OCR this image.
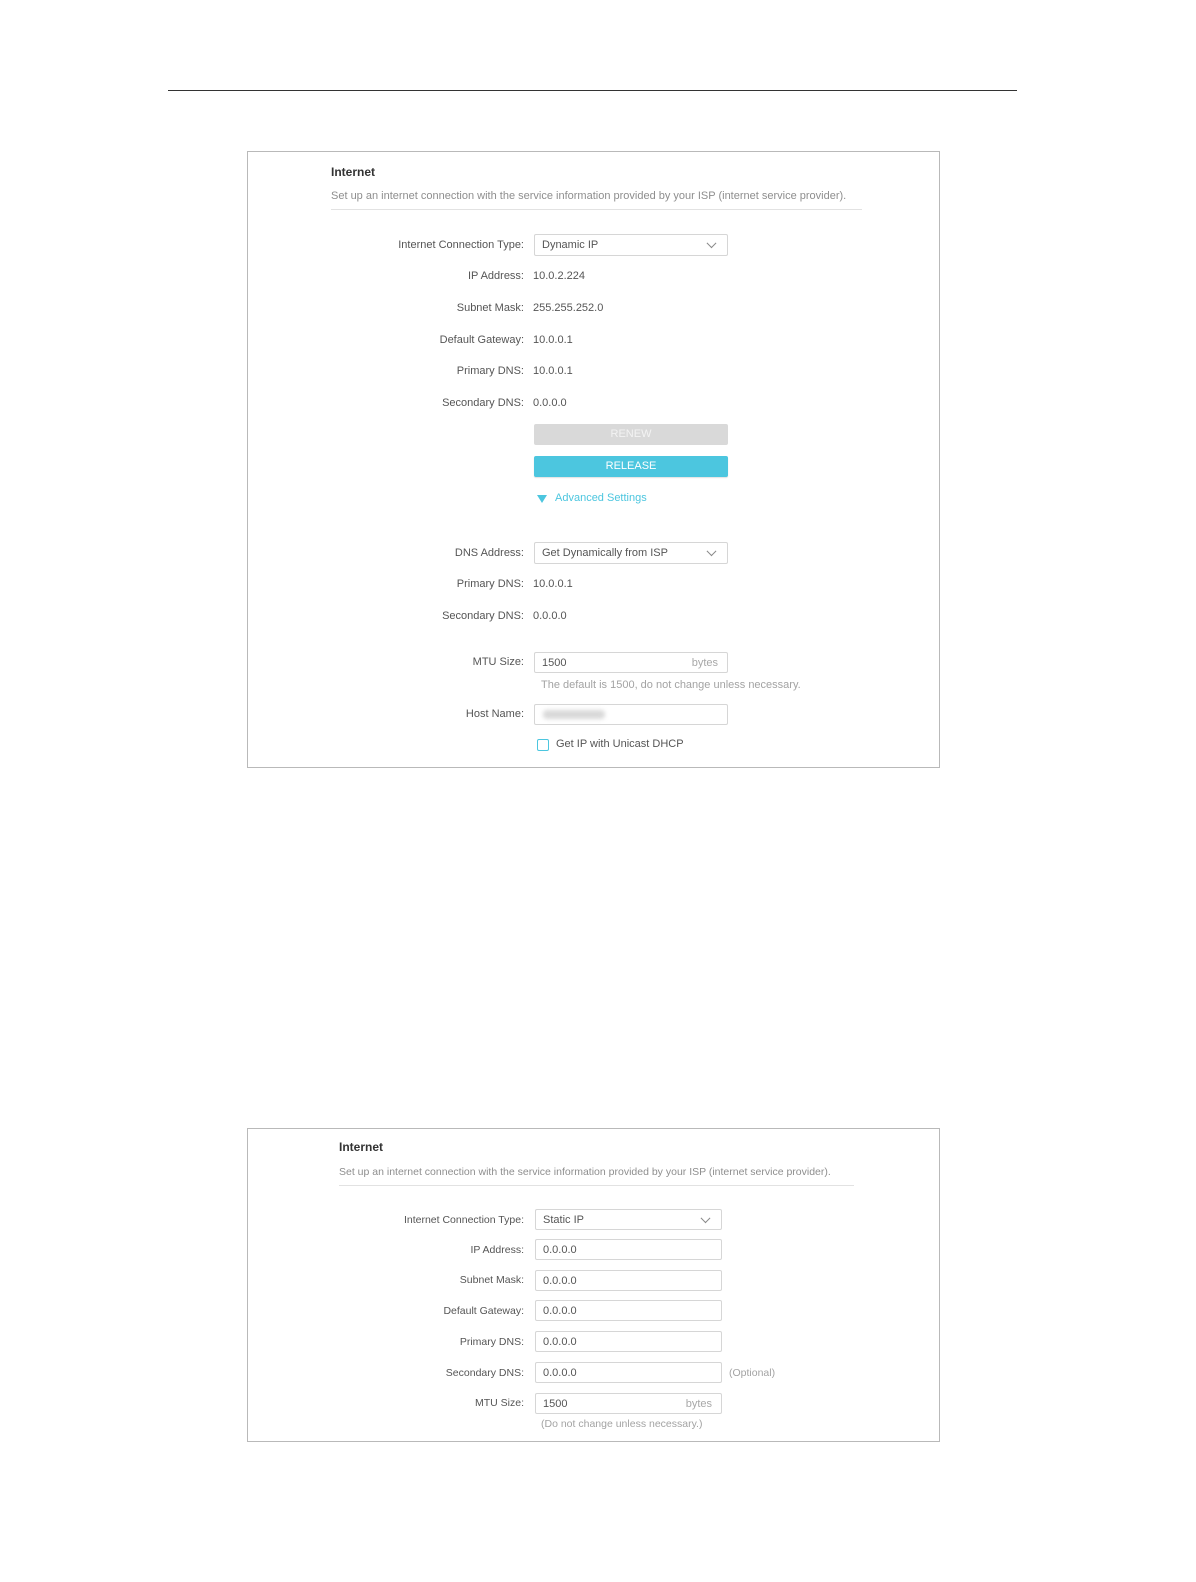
Internet
Set up an internet connection with the service information provided by your ISP (internet service provider).
Internet Connection Type: Dynamic IP
IP Address: 10.0.2.224
Subnet Mask: 255.255.252.0
Default Gateway: 10.0.0.1
Primary DNS: 10.0.0.1
Secondary DNS: 0.0.0.0
RENEW
RELEASE
Advanced Settings
DNS Address: Get Dynamically from ISP
Primary DNS: 10.0.0.1
Secondary DNS: 0.0.0.0
MTU Size: 1500	bytes
The default is 1500, do not change unless necessary.
Host Name:
Get IP with Unicast DHCP
Internet
Set up an internet connection with the service information provided by your ISP (internet service provider).
Internet Connection Type: Static IP
IP Address: 0.0.0.0
Subnet Mask: 0.0.0.0
Default Gateway: 0.0.0.0
Primary DNS: 0.0.0.0
Secondary DNS: 0.0.0.0	(Optional)
MTU Size: 1500	bytes
(Do not change unless necessary.)
